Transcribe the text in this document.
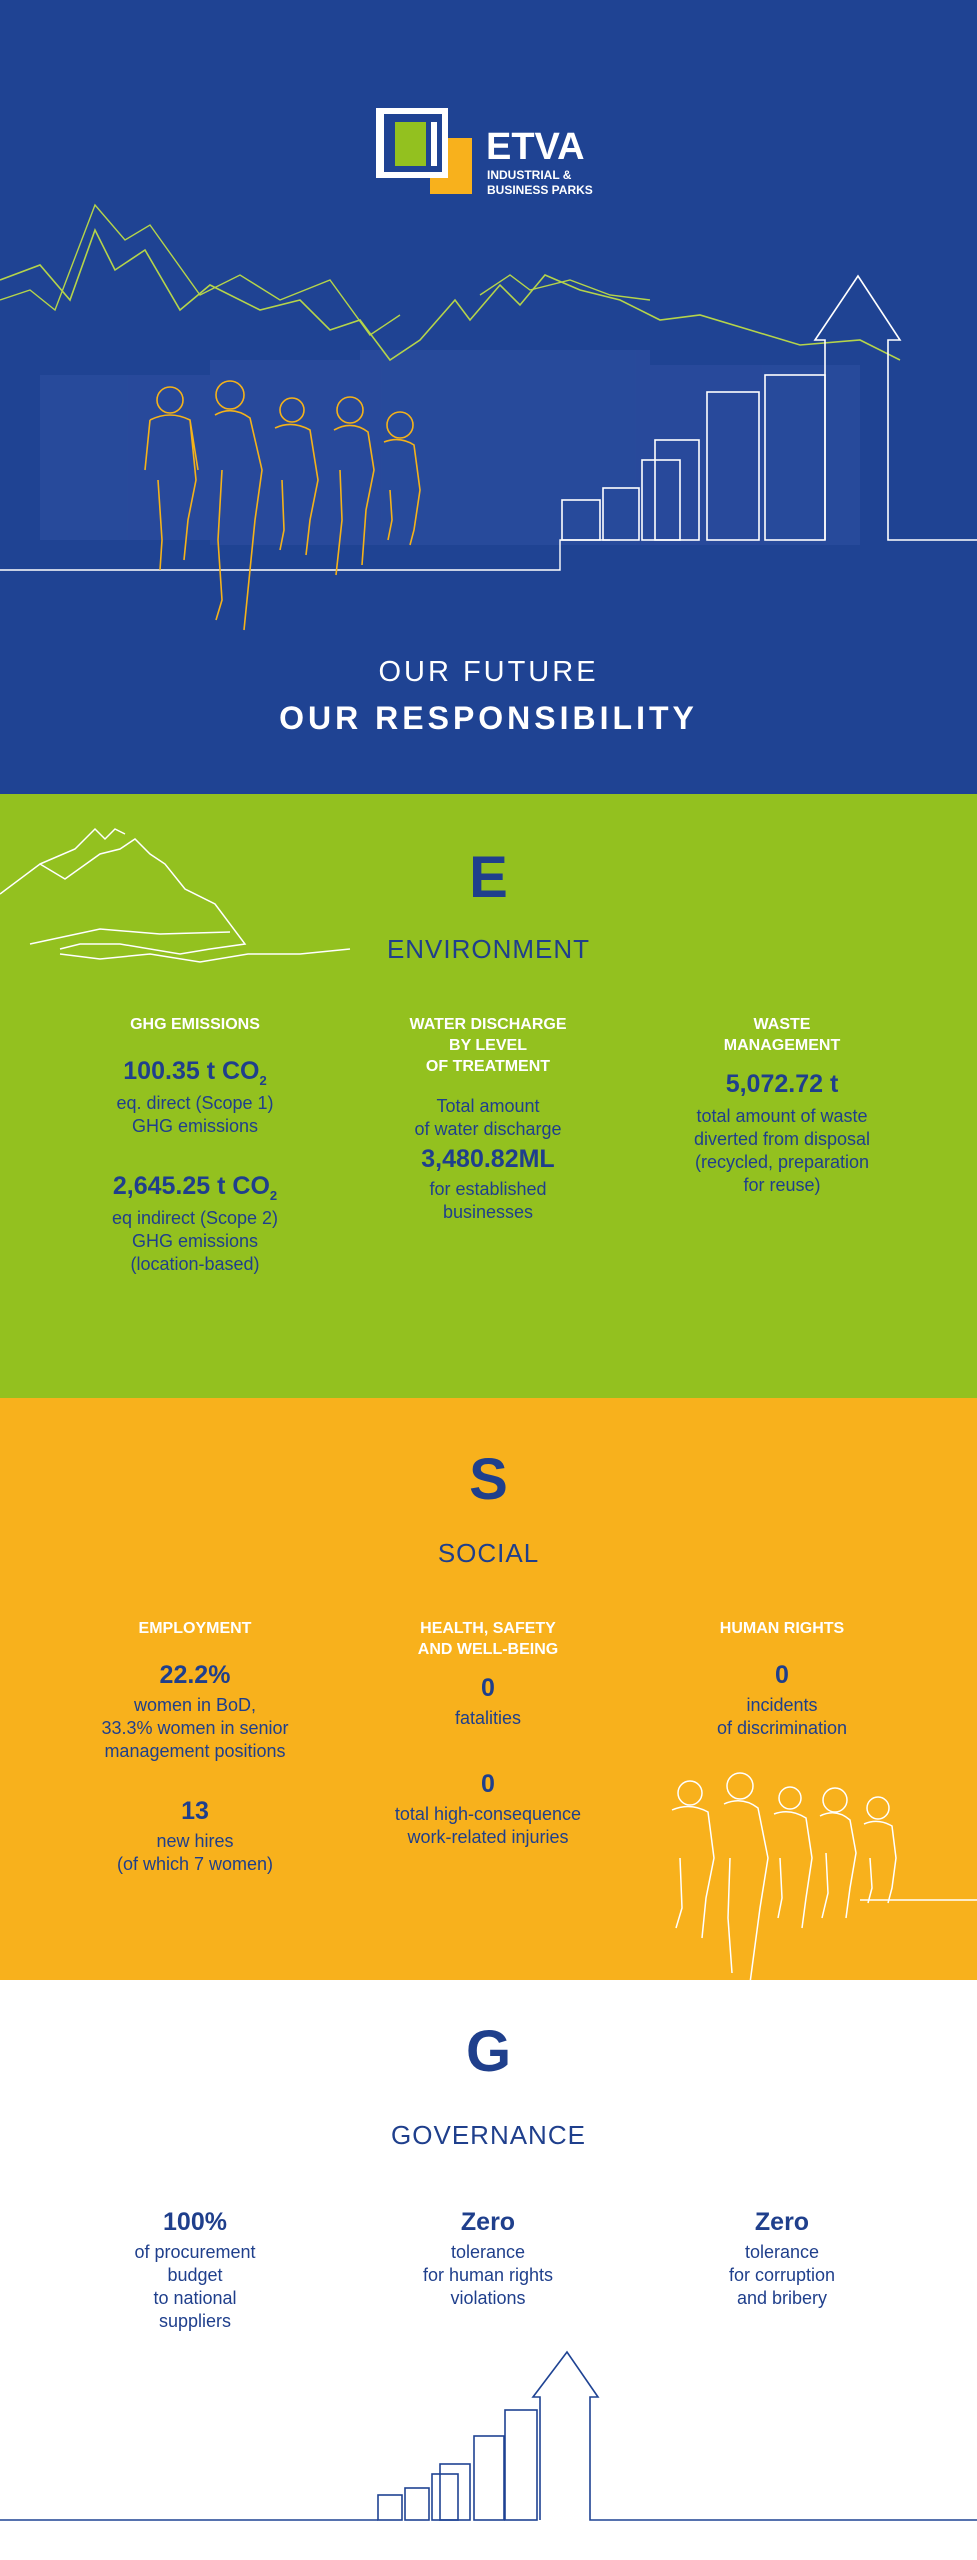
ETVA
INDUSTRIAL &
BUSINESS PARKS
OUR FUTURE
OUR RESPONSIBILITY
E
ENVIRONMENT
GHG EMISSIONS
100.35 t $CO_2$
eq. direct (Scope 1)
GHG emissions
2,645.25 t $CO_2$
eq indirect (Scope 2)
GHG emissions
(location-based)
WATER DISCHARGE
BY LEVEL
OF TREATMENT
Total amount
of water discharge
3,480.82ML
for established
businesses
WASTE
MANAGEMENT
5,072.72 t
total amount of waste
diverted from disposal
(recycled, preparation
for reuse)
S
SOCIAL
EMPLOYMENT
22.2%
women in BoD,
33.3% women in senior
management positions
13
new hires
(of which 7 women)
HEALTH, SAFETY
AND WELL-BEING
0
fatalities
0
total high-consequence
work-related injuries
HUMAN RIGHTS
0
incidents
of discrimination
G
GOVERNANCE
100%
of procurement
budget
to national
suppliers
Zero
tolerance
for human rights
violations
Zero
tolerance
for corruption
and bribery
